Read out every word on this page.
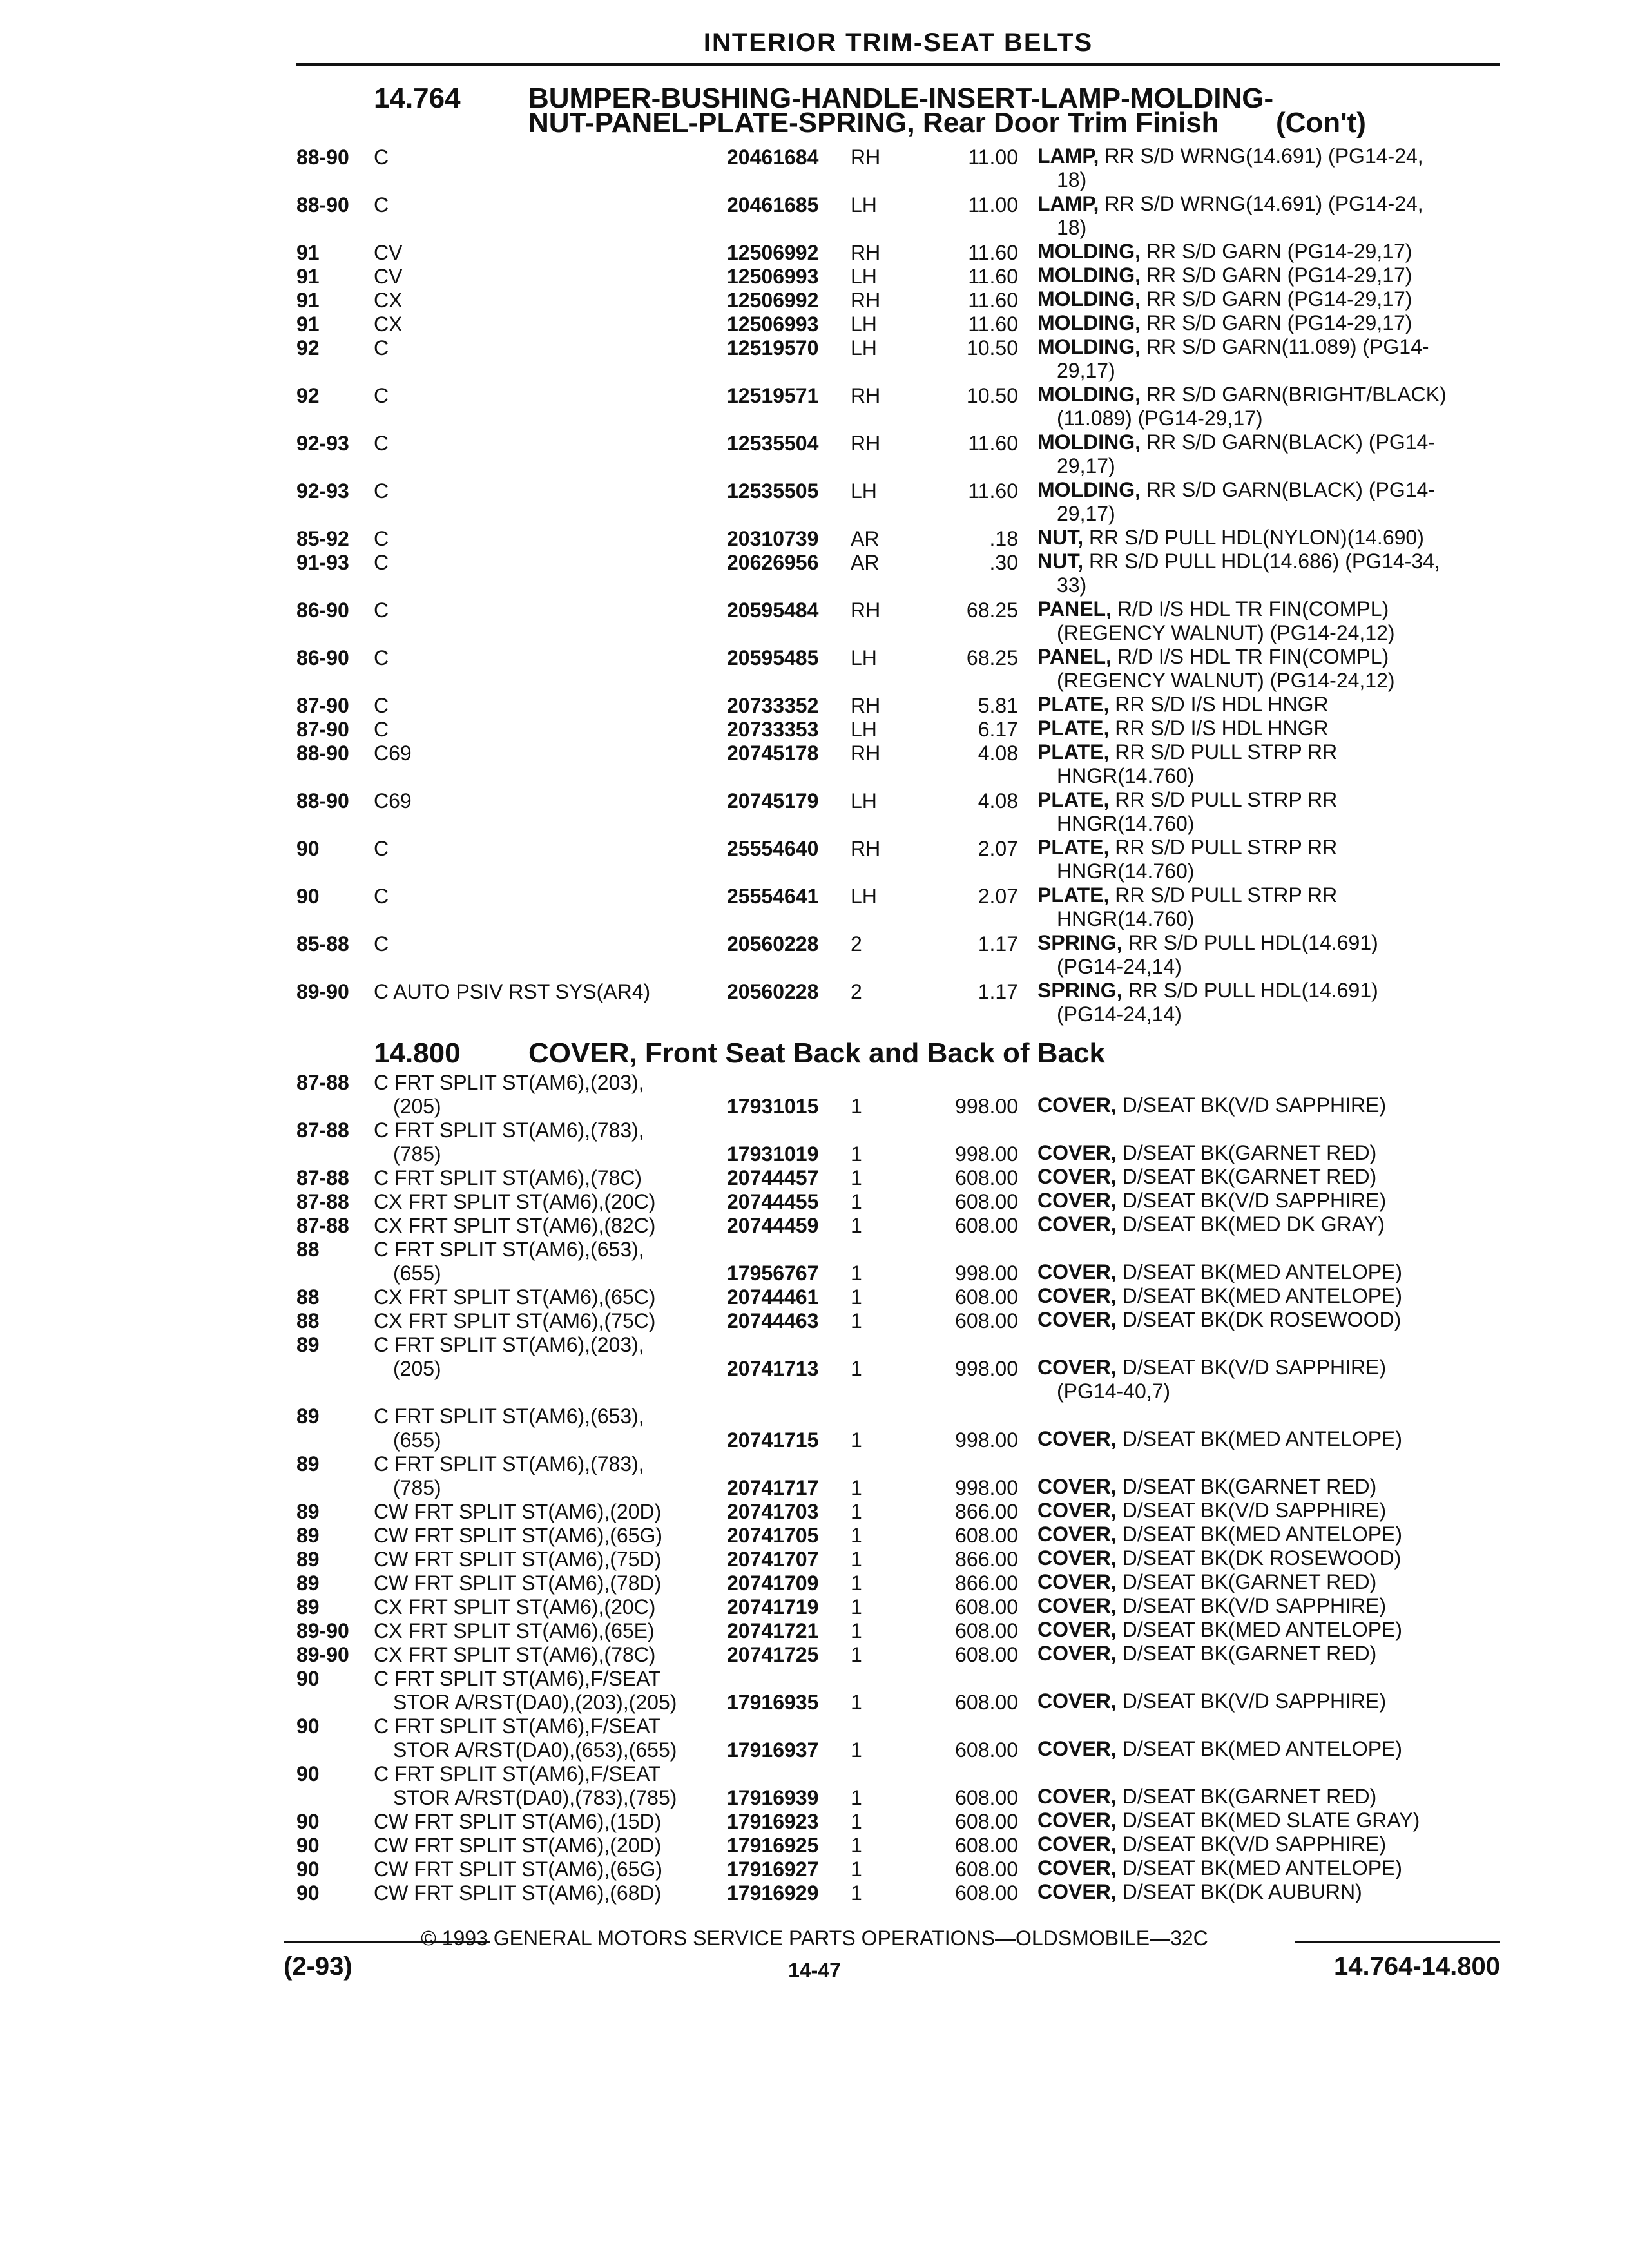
INTERIOR TRIM-SEAT BELTS
14.764 BUMPER-BUSHING-HANDLE-INSERT-LAMP-MOLDING-
NUT-PANEL-PLATE-SPRING, Rear Door Trim Finish (Con't)
88-90 C	20461684 RH	11.00 LAMP, RR S/D WRNG(14.691) (PG14-24,
18)
88-90 C	20461685 LH	11.00 LAMP, RR S/D WRNG(14.691) (PG14-24,
18)
91	CV	12506992 RH	11.60 MOLDING, RR S/D GARN (PG14-29,17)
91	CV	12506993 LH	11.60 MOLDING, RR S/D GARN (PG14-29,17)
91	CX	12506992 RH	11.60 MOLDING, RR S/D GARN (PG14-29,17)
91	CX	12506993 LH	11.60 MOLDING, RR S/D GARN (PG14-29,17)
92	C	12519570 LH	10.50 MOLDING, RR S/D GARN(11.089) (PG14-
29,17)
92	C	12519571 RH	10.50 MOLDING, RR S/D GARN(BRIGHT/BLACK)
(11.089) (PG14-29,17)
92-93 C	12535504 RH	11.60 MOLDING, RR S/D GARN(BLACK) (PG14-
29,17)
92-93 C	12535505 LH	11.60 MOLDING, RR S/D GARN(BLACK) (PG14-
29,17)
85-92 C	20310739 AR	.18 NUT, RR S/D PULL HDL(NYLON)(14.690)
91-93 C	20626956 AR	.30 NUT, RR S/D PULL HDL(14.686) (PG14-34,
33)
86-90 C	20595484 RH	68.25 PANEL, R/D I/S HDL TR FIN(COMPL)
(REGENCY WALNUT) (PG14-24,12)
86-90 C	20595485 LH	68.25 PANEL, R/D I/S HDL TR FIN(COMPL)
(REGENCY WALNUT) (PG14-24,12)
87-90 C	20733352 RH	5.81 PLATE, RR S/D I/S HDL HNGR
87-90 C	20733353 LH	6.17 PLATE, RR S/D I/S HDL HNGR
88-90 C69	20745178 RH	4.08 PLATE, RR S/D PULL STRP RR
HNGR(14.760)
88-90 C69	20745179 LH	4.08 PLATE, RR S/D PULL STRP RR
HNGR(14.760)
90	C	25554640 RH	2.07 PLATE, RR S/D PULL STRP RR
HNGR(14.760)
90	C	25554641 LH	2.07 PLATE, RR S/D PULL STRP RR
HNGR(14.760)
85-88 C	20560228 2	1.17 SPRING, RR S/D PULL HDL(14.691)
(PG14-24,14)
89-90 C AUTO PSIV RST SYS(AR4)	20560228 2	1.17 SPRING, RR S/D PULL HDL(14.691)
(PG14-24,14)
14.800 COVER, Front Seat Back and Back of Back
87-88 C FRT SPLIT ST(AM6),(203),
(205)	17931015 1	998.00 COVER, D/SEAT BK(V/D SAPPHIRE)
87-88 C FRT SPLIT ST(AM6),(783),
(785)	17931019 1	998.00 COVER, D/SEAT BK(GARNET RED)
87-88 C FRT SPLIT ST(AM6),(78C)	20744457 1	608.00 COVER, D/SEAT BK(GARNET RED)
87-88 CX FRT SPLIT ST(AM6),(20C)	20744455 1	608.00 COVER, D/SEAT BK(V/D SAPPHIRE)
87-88 CX FRT SPLIT ST(AM6),(82C)	20744459 1	608.00 COVER, D/SEAT BK(MED DK GRAY)
88	C FRT SPLIT ST(AM6),(653),
(655)	17956767 1	998.00 COVER, D/SEAT BK(MED ANTELOPE)
88	CX FRT SPLIT ST(AM6),(65C)	20744461 1	608.00 COVER, D/SEAT BK(MED ANTELOPE)
88	CX FRT SPLIT ST(AM6),(75C)	20744463 1	608.00 COVER, D/SEAT BK(DK ROSEWOOD)
89	C FRT SPLIT ST(AM6),(203),
(205)	20741713 1	998.00 COVER, D/SEAT BK(V/D SAPPHIRE)
(PG14-40,7)
89	C FRT SPLIT ST(AM6),(653),
(655)	20741715 1	998.00 COVER, D/SEAT BK(MED ANTELOPE)
89	C FRT SPLIT ST(AM6),(783),
(785)	20741717 1	998.00 COVER, D/SEAT BK(GARNET RED)
89	CW FRT SPLIT ST(AM6),(20D)	20741703 1	866.00 COVER, D/SEAT BK(V/D SAPPHIRE)
89	CW FRT SPLIT ST(AM6),(65G)	20741705 1	608.00 COVER, D/SEAT BK(MED ANTELOPE)
89	CW FRT SPLIT ST(AM6),(75D)	20741707 1	866.00 COVER, D/SEAT BK(DK ROSEWOOD)
89	CW FRT SPLIT ST(AM6),(78D)	20741709 1	866.00 COVER, D/SEAT BK(GARNET RED)
89	CX FRT SPLIT ST(AM6),(20C)	20741719 1	608.00 COVER, D/SEAT BK(V/D SAPPHIRE)
89-90 CX FRT SPLIT ST(AM6),(65E)	20741721 1	608.00 COVER, D/SEAT BK(MED ANTELOPE)
89-90 CX FRT SPLIT ST(AM6),(78C)	20741725 1	608.00 COVER, D/SEAT BK(GARNET RED)
90	C FRT SPLIT ST(AM6),F/SEAT
STOR A/RST(DA0),(203),(205)	17916935 1	608.00 COVER, D/SEAT BK(V/D SAPPHIRE)
90	C FRT SPLIT ST(AM6),F/SEAT
STOR A/RST(DA0),(653),(655)	17916937 1	608.00 COVER, D/SEAT BK(MED ANTELOPE)
90	C FRT SPLIT ST(AM6),F/SEAT
STOR A/RST(DA0),(783),(785)	17916939 1	608.00 COVER, D/SEAT BK(GARNET RED)
90	CW FRT SPLIT ST(AM6),(15D)	17916923 1	608.00 COVER, D/SEAT BK(MED SLATE GRAY)
90	CW FRT SPLIT ST(AM6),(20D)	17916925 1	608.00 COVER, D/SEAT BK(V/D SAPPHIRE)
90	CW FRT SPLIT ST(AM6),(65G)	17916927 1	608.00 COVER, D/SEAT BK(MED ANTELOPE)
90	CW FRT SPLIT ST(AM6),(68D)	17916929 1	608.00 COVER, D/SEAT BK(DK AUBURN)
© 1993 GENERAL MOTORS SERVICE PARTS OPERATIONS—OLDSMOBILE—32C
(2-93)	14-47	14.764-14.800
